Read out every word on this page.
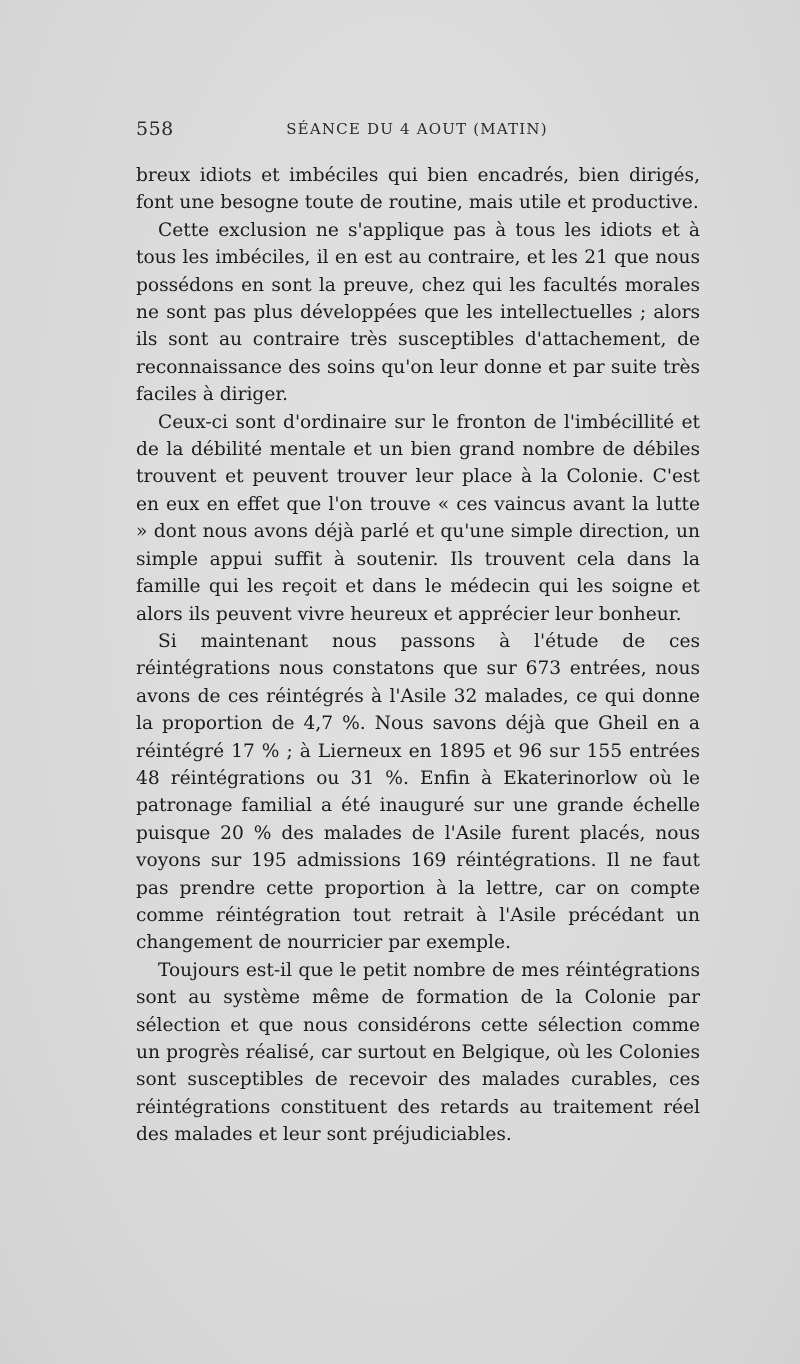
558	SÉANCE DU 4 AOUT (MATIN)

breux idiots et imbéciles qui bien encadrés, bien dirigés, font une besogne toute de routine, mais utile et productive.

Cette exclusion ne s'applique pas à tous les idiots et à tous les imbéciles, il en est au contraire, et les 21 que nous possédons en sont la preuve, chez qui les facultés morales ne sont pas plus développées que les intellectuelles ; alors ils sont au contraire très susceptibles d'attachement, de reconnaissance des soins qu'on leur donne et par suite très faciles à diriger.

Ceux-ci sont d'ordinaire sur le fronton de l'imbécillité et de la débilité mentale et un bien grand nombre de débiles trouvent et peuvent trouver leur place à la Colonie. C'est en eux en effet que l'on trouve « ces vaincus avant la lutte » dont nous avons déjà parlé et qu'une simple direction, un simple appui suffit à soutenir. Ils trouvent cela dans la famille qui les reçoit et dans le médecin qui les soigne et alors ils peuvent vivre heureux et apprécier leur bonheur.

Si maintenant nous passons à l'étude de ces réintégrations nous constatons que sur 673 entrées, nous avons de ces réintégrés à l'Asile 32 malades, ce qui donne la proportion de 4,7 %. Nous savons déjà que Gheil en a réintégré 17 % ; à Lierneux en 1895 et 96 sur 155 entrées 48 réintégrations ou 31 %. Enfin à Ekaterinorlow où le patronage familial a été inauguré sur une grande échelle puisque 20 % des malades de l'Asile furent placés, nous voyons sur 195 admissions 169 réintégrations. Il ne faut pas prendre cette proportion à la lettre, car on compte comme réintégration tout retrait à l'Asile précédant un changement de nourricier par exemple.

Toujours est-il que le petit nombre de mes réintégrations sont au système même de formation de la Colonie par sélection et que nous considérons cette sélection comme un progrès réalisé, car surtout en Belgique, où les Colonies sont susceptibles de recevoir des malades curables, ces réintégrations constituent des retards au traitement réel des malades et leur sont préjudiciables.
